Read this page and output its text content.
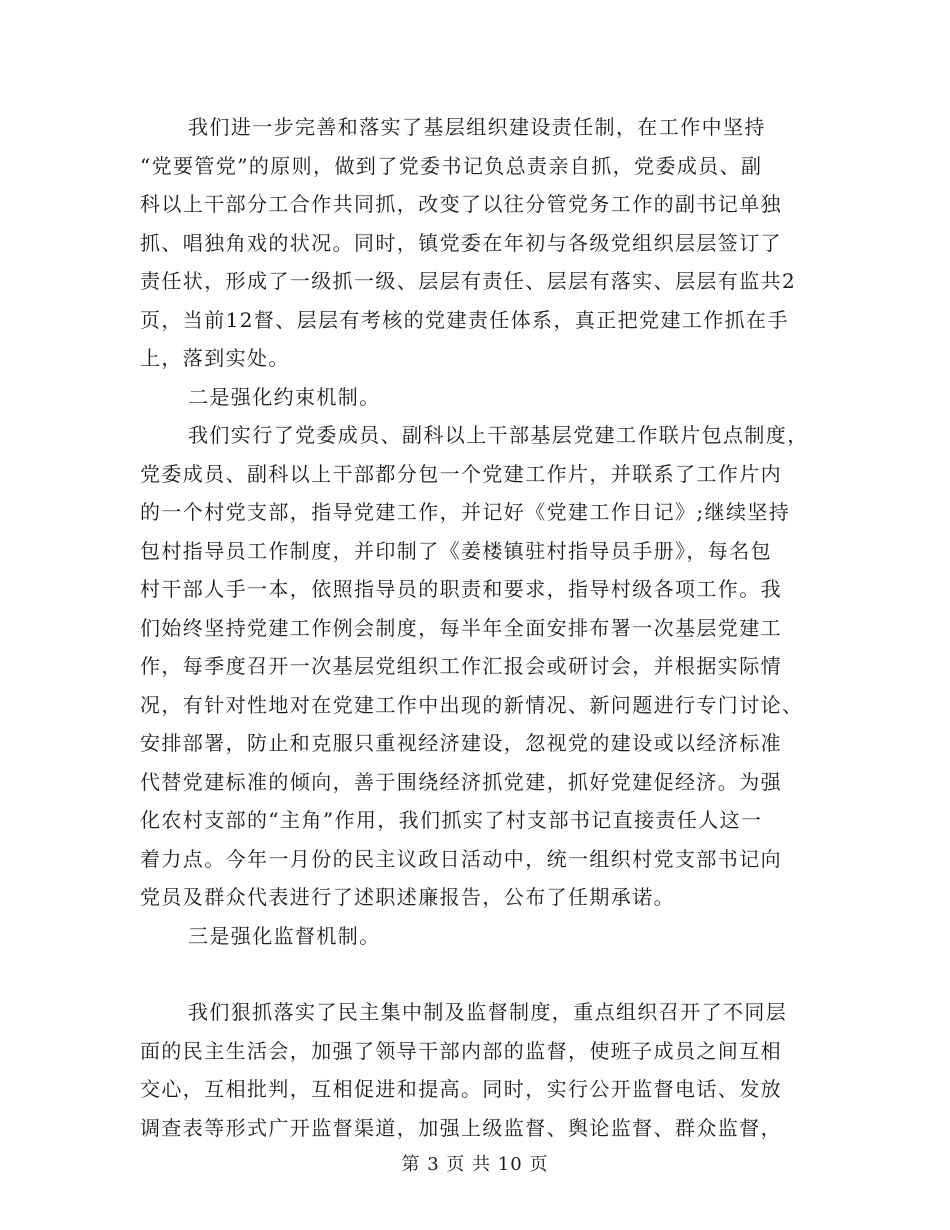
我们进一步完善和落实了基层组织建设责任制，在工作中坚持
“党要管党”的原则，做到了党委书记负总责亲自抓，党委成员、副
科以上干部分工合作共同抓，改变了以往分管党务工作的副书记单独
抓、唱独角戏的状况。同时，镇党委在年初与各级党组织层层签订了
责任状，形成了一级抓一级、层层有责任、层层有落实、层层有监共2
页，当前12督、层层有考核的党建责任体系，真正把党建工作抓在手
上，落到实处。
二是强化约束机制。
我们实行了党委成员、副科以上干部基层党建工作联片包点制度，
党委成员、副科以上干部都分包一个党建工作片，并联系了工作片内
的一个村党支部，指导党建工作，并记好《党建工作日记》;继续坚持
包村指导员工作制度，并印制了《姜楼镇驻村指导员手册》，每名包
村干部人手一本，依照指导员的职责和要求，指导村级各项工作。我
们始终坚持党建工作例会制度，每半年全面安排布署一次基层党建工
作，每季度召开一次基层党组织工作汇报会或研讨会，并根据实际情
况，有针对性地对在党建工作中出现的新情况、新问题进行专门讨论、
安排部署，防止和克服只重视经济建设，忽视党的建设或以经济标准
代替党建标准的倾向，善于围绕经济抓党建，抓好党建促经济。为强
化农村支部的“主角”作用，我们抓实了村支部书记直接责任人这一
着力点。今年一月份的民主议政日活动中，统一组织村党支部书记向
党员及群众代表进行了述职述廉报告，公布了任期承诺。
三是强化监督机制。
我们狠抓落实了民主集中制及监督制度，重点组织召开了不同层
面的民主生活会，加强了领导干部内部的监督，使班子成员之间互相
交心，互相批判，互相促进和提高。同时，实行公开监督电话、发放
调查表等形式广开监督渠道，加强上级监督、舆论监督、群众监督，
第 3 页 共 10 页
